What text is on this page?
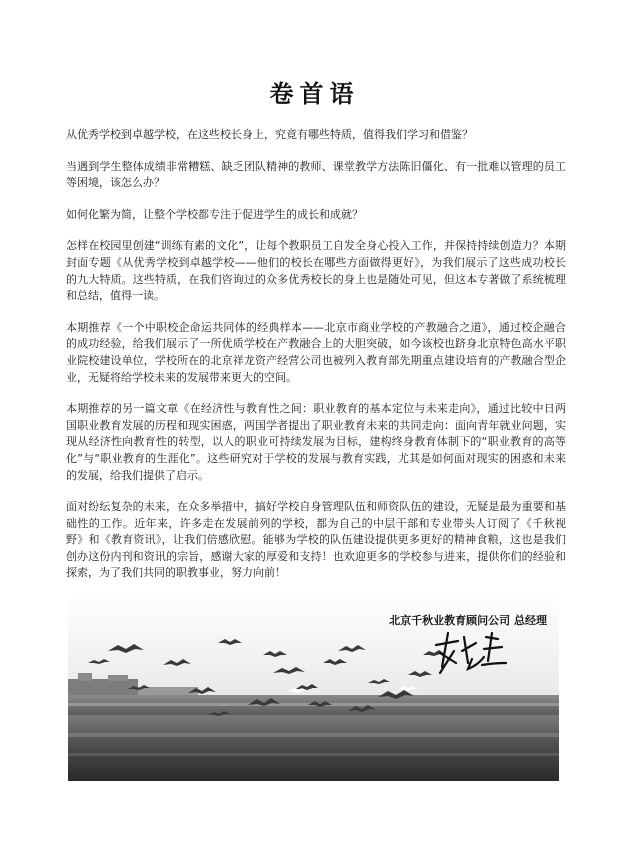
卷首语

从优秀学校到卓越学校，在这些校长身上，究竟有哪些特质，值得我们学习和借鉴？

当遇到学生整体成绩非常糟糕、缺乏团队精神的教师、课堂教学方法陈旧僵化、有一批难以管理的员工等困境，该怎么办？

如何化繁为简，让整个学校都专注于促进学生的成长和成就？

怎样在校园里创建“训练有素的文化”，让每个教职员工自发全身心投入工作，并保持持续创造力？本期封面专题《从优秀学校到卓越学校——他们的校长在哪些方面做得更好》，为我们展示了这些成功校长的九大特质。这些特质，在我们咨询过的众多优秀校长的身上也是随处可见，但这本专著做了系统梳理和总结，值得一读。

本期推荐《一个中职校企命运共同体的经典样本——北京市商业学校的产教融合之道》，通过校企融合的成功经验，给我们展示了一所优质学校在产教融合上的大胆突破，如今该校也跻身北京特色高水平职业院校建设单位，学校所在的北京祥龙资产经营公司也被列入教育部先期重点建设培育的产教融合型企业，无疑将给学校未来的发展带来更大的空间。

本期推荐的另一篇文章《在经济性与教育性之间：职业教育的基本定位与未来走向》，通过比较中日两国职业教育发展的历程和现实困惑，两国学者提出了职业教育未来的共同走向：面向青年就业问题，实现从经济性向教育性的转型，以人的职业可持续发展为目标，建构终身教育体制下的“职业教育的高等化”与“职业教育的生涯化”。这些研究对于学校的发展与教育实践，尤其是如何面对现实的困惑和未来的发展，给我们提供了启示。

面对纷纭复杂的未来，在众多举措中，搞好学校自身管理队伍和师资队伍的建设，无疑是最为重要和基础性的工作。近年来，许多走在发展前列的学校，都为自己的中层干部和专业带头人订阅了《千秋视野》和《教育资讯》，让我们倍感欣慰。能够为学校的队伍建设提供更多更好的精神食粮，这也是我们创办这份内刊和资讯的宗旨，感谢大家的厚爱和支持！也欢迎更多的学校参与进来，提供你们的经验和探索，为了我们共同的职教事业，努力向前！

北京千秋业教育顾问公司 总经理
